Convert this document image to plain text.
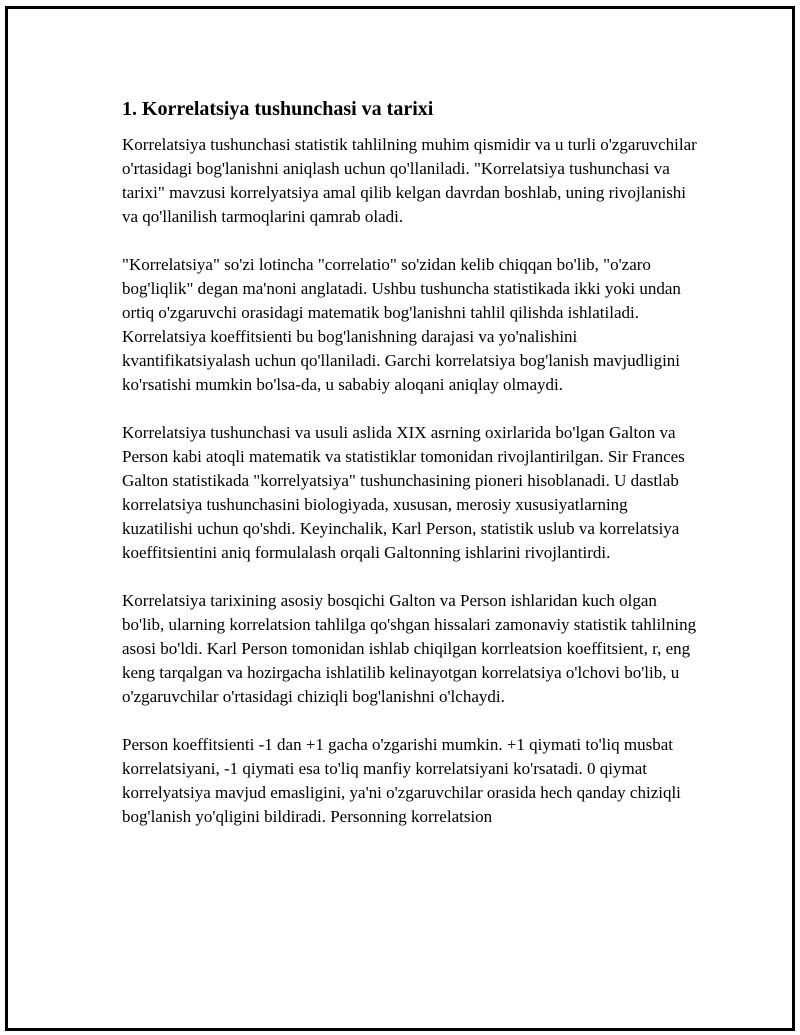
1. Korrelatsiya tushunchasi va tarixi

Korrelatsiya tushunchasi statistik tahlilning muhim qismidir va u turli o'zgaruvchilar o'rtasidagi bog'lanishni aniqlash uchun qo'llaniladi. "Korrelatsiya tushunchasi va tarixi" mavzusi korrelyatsiya amal qilib kelgan davrdan boshlab, uning rivojlanishi va qo'llanilish tarmoqlarini qamrab oladi.

"Korrelatsiya" so'zi lotincha "correlatio" so'zidan kelib chiqqan bo'lib, "o'zaro bog'liqlik" degan ma'noni anglatadi. Ushbu tushuncha statistikada ikki yoki undan ortiq o'zgaruvchi orasidagi matematik bog'lanishni tahlil qilishda ishlatiladi. Korrelatsiya koeffitsienti bu bog'lanishning darajasi va yo'nalishini kvantifikatsiyalash uchun qo'llaniladi. Garchi korrelatsiya bog'lanish mavjudligini ko'rsatishi mumkin bo'lsa-da, u sababiy aloqani aniqlay olmaydi.

Korrelatsiya tushunchasi va usuli aslida XIX asrning oxirlarida bo'lgan Galton va Person kabi atoqli matematik va statistiklar tomonidan rivojlantirilgan. Sir Frances Galton statistikada "korrelyatsiya" tushunchasining pioneri hisoblanadi. U dastlab korrelatsiya tushunchasini biologiyada, xususan, merosiy xususiyatlarning kuzatilishi uchun qo'shdi. Keyinchalik, Karl Person, statistik uslub va korrelatsiya koeffitsientini aniq formulalash orqali Galtonning ishlarini rivojlantirdi.

Korrelatsiya tarixining asosiy bosqichi Galton va Person ishlaridan kuch olgan bo'lib, ularning korrelatsion tahlilga qo'shgan hissalari zamonaviy statistik tahlilning asosi bo'ldi. Karl Person tomonidan ishlab chiqilgan korrleatsion koeffitsient, r, eng keng tarqalgan va hozirgacha ishlatilib kelinayotgan korrelatsiya o'lchovi bo'lib, u o'zgaruvchilar o'rtasidagi chiziqli bog'lanishni o'lchaydi.

Person koeffitsienti -1 dan +1 gacha o'zgarishi mumkin. +1 qiymati to'liq musbat korrelatsiyani, -1 qiymati esa to'liq manfiy korrelatsiyani ko'rsatadi. 0 qiymat korrelyatsiya mavjud emasligini, ya'ni o'zgaruvchilar orasida hech qanday chiziqli bog'lanish yo'qligini bildiradi. Personning korrelatsion
